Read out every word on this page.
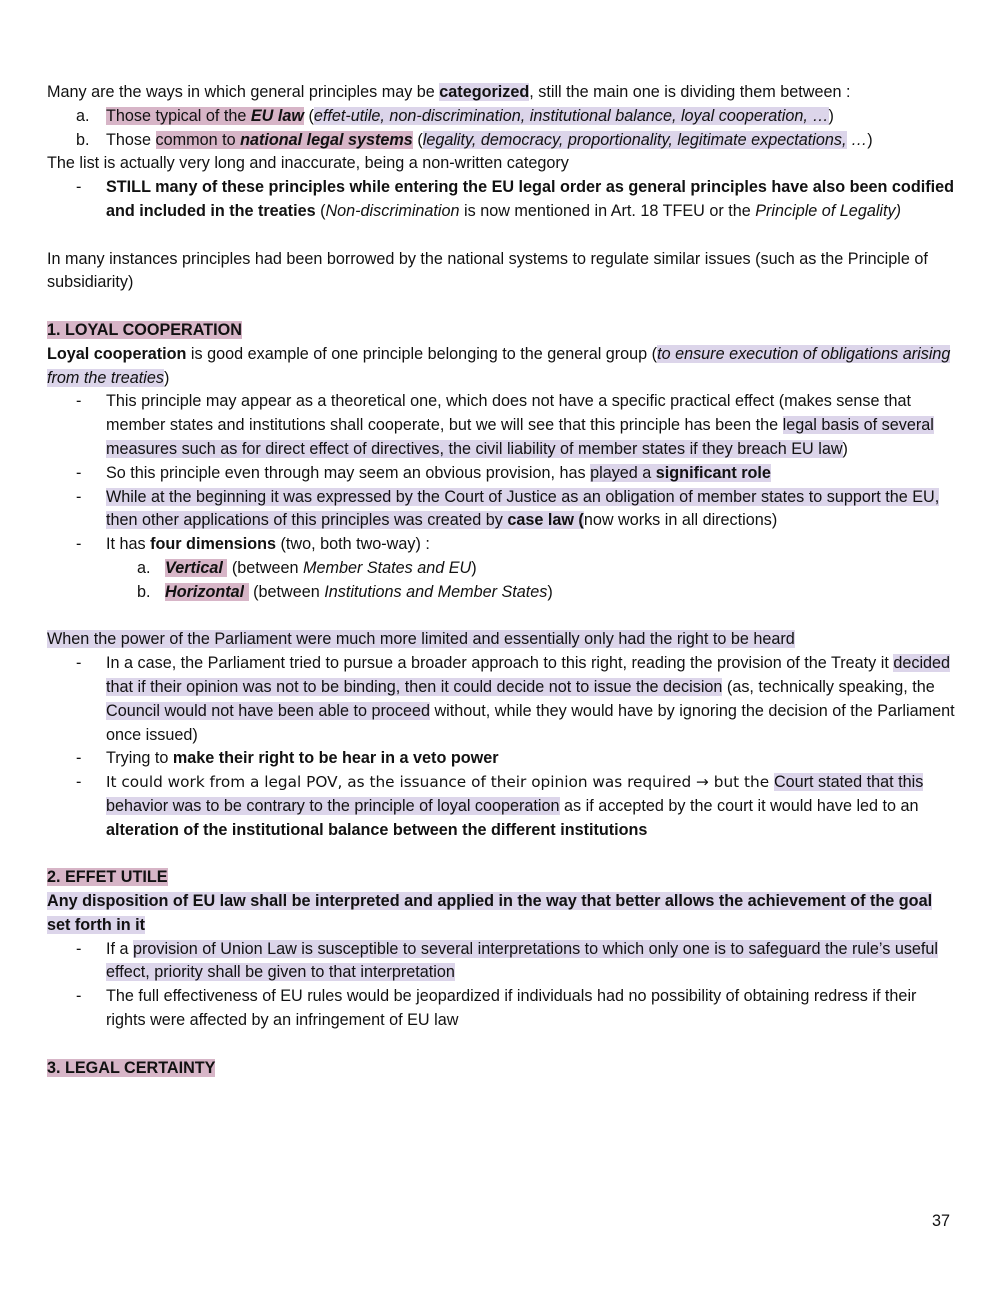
Many are the ways in which general principles may be categorized, still the main one is dividing them between :

a. Those typical of the EU law (effet-utile, non-discrimination, institutional balance, loyal cooperation, …)

b. Those common to national legal systems (legality, democracy, proportionality, legitimate expectations, …)

The list is actually very long and inaccurate, being a non-written category

- STILL many of these principles while entering the EU legal order as general principles have also been codified and included in the treaties (Non-discrimination is now mentioned in Art. 18 TFEU or the Principle of Legality)

In many instances principles had been borrowed by the national systems to regulate similar issues (such as the Principle of subsidiarity)

1. LOYAL COOPERATION

Loyal cooperation is good example of one principle belonging to the general group (to ensure execution of obligations arising from the treaties)

- This principle may appear as a theoretical one, which does not have a specific practical effect (makes sense that member states and institutions shall cooperate, but we will see that this principle has been the legal basis of several measures such as for direct effect of directives, the civil liability of member states if they breach EU law)

- So this principle even through may seem an obvious provision, has played a significant role

- While at the beginning it was expressed by the Court of Justice as an obligation of member states to support the EU, then other applications of this principles was created by case law (now works in all directions)

- It has four dimensions (two, both two-way) :

a. Vertical  (between Member States and EU)

b. Horizontal  (between Institutions and Member States)

When the power of the Parliament were much more limited and essentially only had the right to be heard

- In a case, the Parliament tried to pursue a broader approach to this right, reading the provision of the Treaty it decided that if their opinion was not to be binding, then it could decide not to issue the decision (as, technically speaking, the Council would not have been able to proceed without, while they would have by ignoring the decision of the Parliament once issued)

- Trying to make their right to be hear in a veto power

- It could work from a legal POV, as the issuance of their opinion was required → but the Court stated that this behavior was to be contrary to the principle of loyal cooperation as if accepted by the court it would have led to an alteration of the institutional balance between the different institutions

2. EFFET UTILE

Any disposition of EU law shall be interpreted and applied in the way that better allows the achievement of the goal set forth in it

- If a provision of Union Law is susceptible to several interpretations to which only one is to safeguard the rule’s useful effect, priority shall be given to that interpretation

- The full effectiveness of EU rules would be jeopardized if individuals had no possibility of obtaining redress if their rights were affected by an infringement of EU law

3. LEGAL CERTAINTY

37
